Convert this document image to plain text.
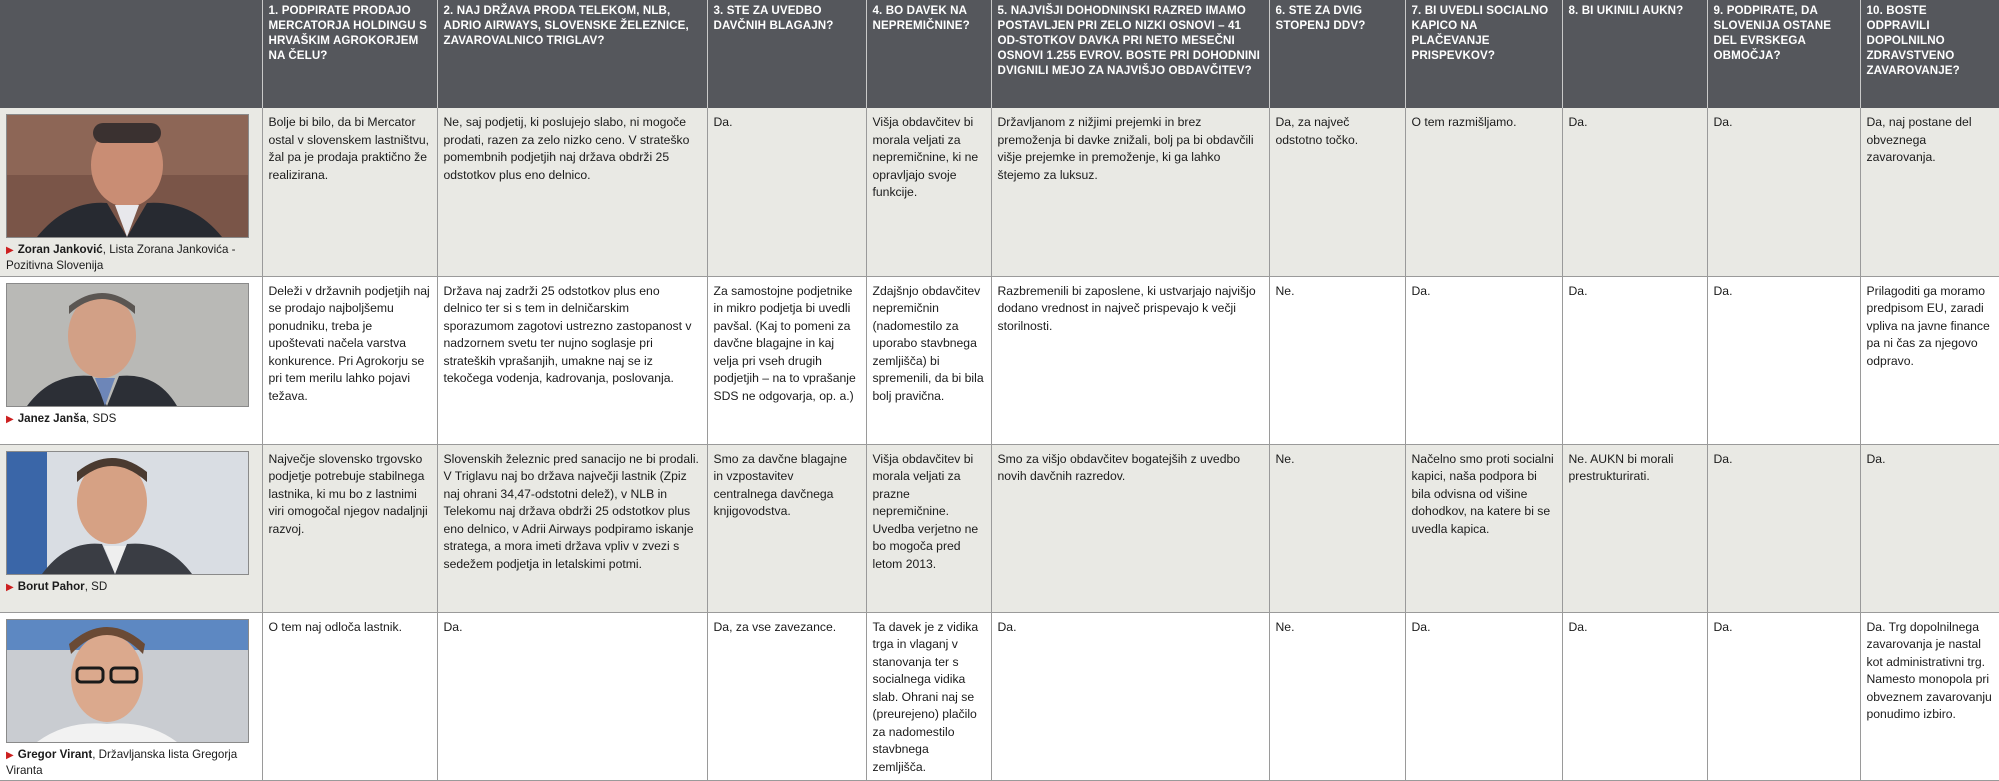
	1. PODPIRATE PRODAJO MERCATORJA HOLDINGU S HRVAŠKIM AGROKORJEM NA ČELU?	2. NAJ DRŽAVA PRODA TELEKOM, NLB, ADRIO AIRWAYS, SLOVENSKE ŽELEZNICE, ZAVAROVALNICO TRIGLAV?	3. STE ZA UVEDBO DAVČNIH BLAGAJN?	4. BO DAVEK NA NEPREMIČNINE?	5. NAJVIŠJI DOHODNINSKI RAZRED IMAMO POSTAVLJEN PRI ZELO NIZKI OSNOVI – 41 OD-STOTKOV DAVKA PRI NETO MESEČNI OSNOVI 1.255 EVROV. BOSTE PRI DOHODNINI DVIGNILI MEJO ZA NAJVIŠJO OBDAVČITEV?	6. STE ZA DVIG STOPENJ DDV?	7. BI UVEDLI SOCIALNO KAPICO NA PLAČEVANJE PRISPEVKOV?	8. BI UKINILI AUKN?	9. PODPIRATE, DA SLOVENIJA OSTANE DEL EVRSKEGA OBMOČJA?	10. BOSTE ODPRAVILI DOPOLNILNO ZDRAVSTVENO ZAVAROVANJE?

▶ Zoran Janković, Lista Zorana Jankovića - Pozitivna Slovenija	Bolje bi bilo, da bi Mercator ostal v slovenskem lastništvu, žal pa je prodaja praktično že realizirana.	Ne, saj podjetij, ki poslujejo slabo, ni mogoče prodati, razen za zelo nizko ceno. V strateško pomembnih podjetjih naj država obdrži 25 odstotkov plus eno delnico.	Da.	Višja obdavčitev bi morala veljati za nepremičnine, ki ne opravljajo svoje funkcije.	Državljanom z nižjimi prejemki in brez premoženja bi davke znižali, bolj pa bi obdavčili višje prejemke in premoženje, ki ga lahko štejemo za luksuz.	Da, za največ odstotno točko.	O tem razmišljamo.	Da.	Da.	Da, naj postane del obveznega zavarovanja.

▶ Janez Janša, SDS	Deleži v državnih podjetjih naj se prodajo najboljšemu ponudniku, treba je upoštevati načela varstva konkurence. Pri Agrokorju se pri tem merilu lahko pojavi težava.	Država naj zadrži 25 odstotkov plus eno delnico ter si s tem in delničarskim sporazumom zagotovi ustrezno zastopanost v nadzornem svetu ter nujno soglasje pri strateških vprašanjih, umakne naj se iz tekočega vodenja, kadrovanja, poslovanja.	Za samostojne podjetnike in mikro podjetja bi uvedli pavšal. (Kaj to pomeni za davčne blagajne in kaj velja pri vseh drugih podjetjih – na to vprašanje SDS ne odgovarja, op. a.)	Zdajšnjo obdavčitev nepremičnin (nadomestilo za uporabo stavbnega zemljišča) bi spremenili, da bi bila bolj pravična.	Razbremenili bi zaposlene, ki ustvarjajo najvišjo dodano vrednost in največ prispevajo k večji storilnosti.	Ne.	Da.	Da.	Da.	Prilagoditi ga moramo predpisom EU, zaradi vpliva na javne finance pa ni čas za njegovo odpravo.

▶ Borut Pahor, SD	Največje slovensko trgovsko podjetje potrebuje stabilnega lastnika, ki mu bo z lastnimi viri omogočal njegov nadaljnji razvoj.	Slovenskih železnic pred sanacijo ne bi prodali. V Triglavu naj bo država največji lastnik (Zpiz naj ohrani 34,47-odstotni delež), v NLB in Telekomu naj država obdrži 25 odstotkov plus eno delnico, v Adrii Airways podpiramo iskanje stratega, a mora imeti država vpliv v zvezi s sedežem podjetja in letalskimi potmi.	Smo za davčne blagajne in vzpostavitev centralnega davčnega knjigovodstva.	Višja obdavčitev bi morala veljati za prazne nepremičnine. Uvedba verjetno ne bo mogoča pred letom 2013.	Smo za višjo obdavčitev bogatejših z uvedbo novih davčnih razredov.	Ne.	Načelno smo proti socialni kapici, naša podpora bi bila odvisna od višine dohodkov, na katere bi se uvedla kapica.	Ne. AUKN bi morali prestrukturirati.	Da.	Da.

▶ Gregor Virant, Državljanska lista Gregorja Viranta	O tem naj odloča lastnik.	Da.	Da, za vse zavezance.	Ta davek je z vidika trga in vlaganj v stanovanja ter s socialnega vidika slab. Ohrani naj se (preurejeno) plačilo za nadomestilo stavbnega zemljišča.	Da.	Ne.	Da.	Da.	Da.	Da. Trg dopolnilnega zavarovanja je nastal kot administrativni trg. Namesto monopola pri obveznem zavarovanju ponudimo izbiro.
